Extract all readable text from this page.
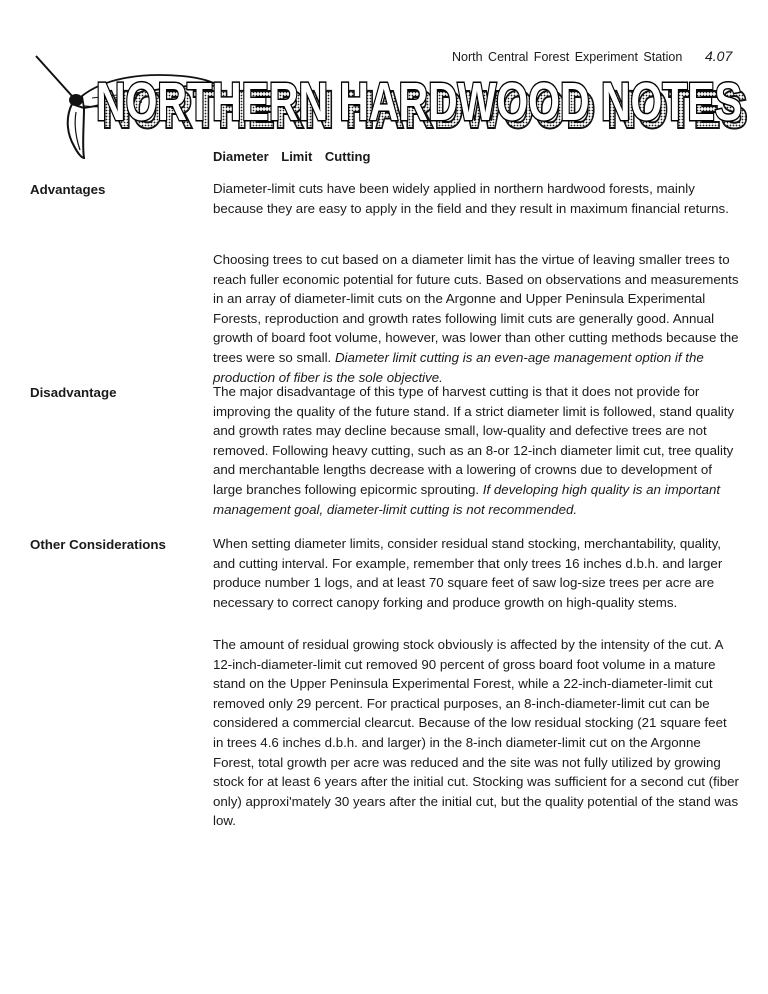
North Central Forest Experiment Station 4.07
NORTHERN HARDWOOD NOTES
NORTHERN HARDWOOD NOTES
Diameter Limit Cutting
Advantages	Diameter-limit cuts have been widely applied in northern hardwood forests, mainly because they are easy to apply in the field and they result in maximum financial returns.

Choosing trees to cut based on a diameter limit has the virtue of leaving smaller trees to reach fuller economic potential for future cuts. Based on observations and measurements in an array of diameter-limit cuts on the Argonne and Upper Peninsula Experimental Forests, reproduction and growth rates following limit cuts are generally good. Annual growth of board foot volume, however, was lower than other cutting methods because the trees were so small. Diameter limit cutting is an even-age management option if the production of fiber is the sole objective.

Disadvantage	The major disadvantage of this type of harvest cutting is that it does not provide for improving the quality of the future stand. If a strict diameter limit is followed, stand quality and growth rates may decline because small, low-quality and defective trees are not removed. Following heavy cutting, such as an 8-or 12-inch diameter limit cut, tree quality and merchantable lengths decrease with a lowering of crowns due to development of large branches following epicormic sprouting. If developing high quality is an important management goal, diameter-limit cutting is not recommended.

Other Considerations	When setting diameter limits, consider residual stand stocking, merchantability, quality, and cutting interval. For example, remember that only trees 16 inches d.b.h. and larger produce number 1 logs, and at least 70 square feet of saw log-size trees per acre are necessary to correct canopy forking and produce growth on high-quality stems.

The amount of residual growing stock obviously is affected by the intensity of the cut. A 12-inch-diameter-limit cut removed 90 percent of gross board foot volume in a mature stand on the Upper Peninsula Experimental Forest, while a 22-inch-diameter-limit cut removed only 29 percent. For practical purposes, an 8-inch-diameter-limit cut can be considered a commercial clearcut. Because of the low residual stocking (21 square feet in trees 4.6 inches d.b.h. and larger) in the 8-inch diameter-limit cut on the Argonne Forest, total growth per acre was reduced and the site was not fully utilized by growing stock for at least 6 years after the initial cut. Stocking was sufficient for a second cut (fiber only) approxi'mately 30 years after the initial cut, but the quality potential of the stand was low.
